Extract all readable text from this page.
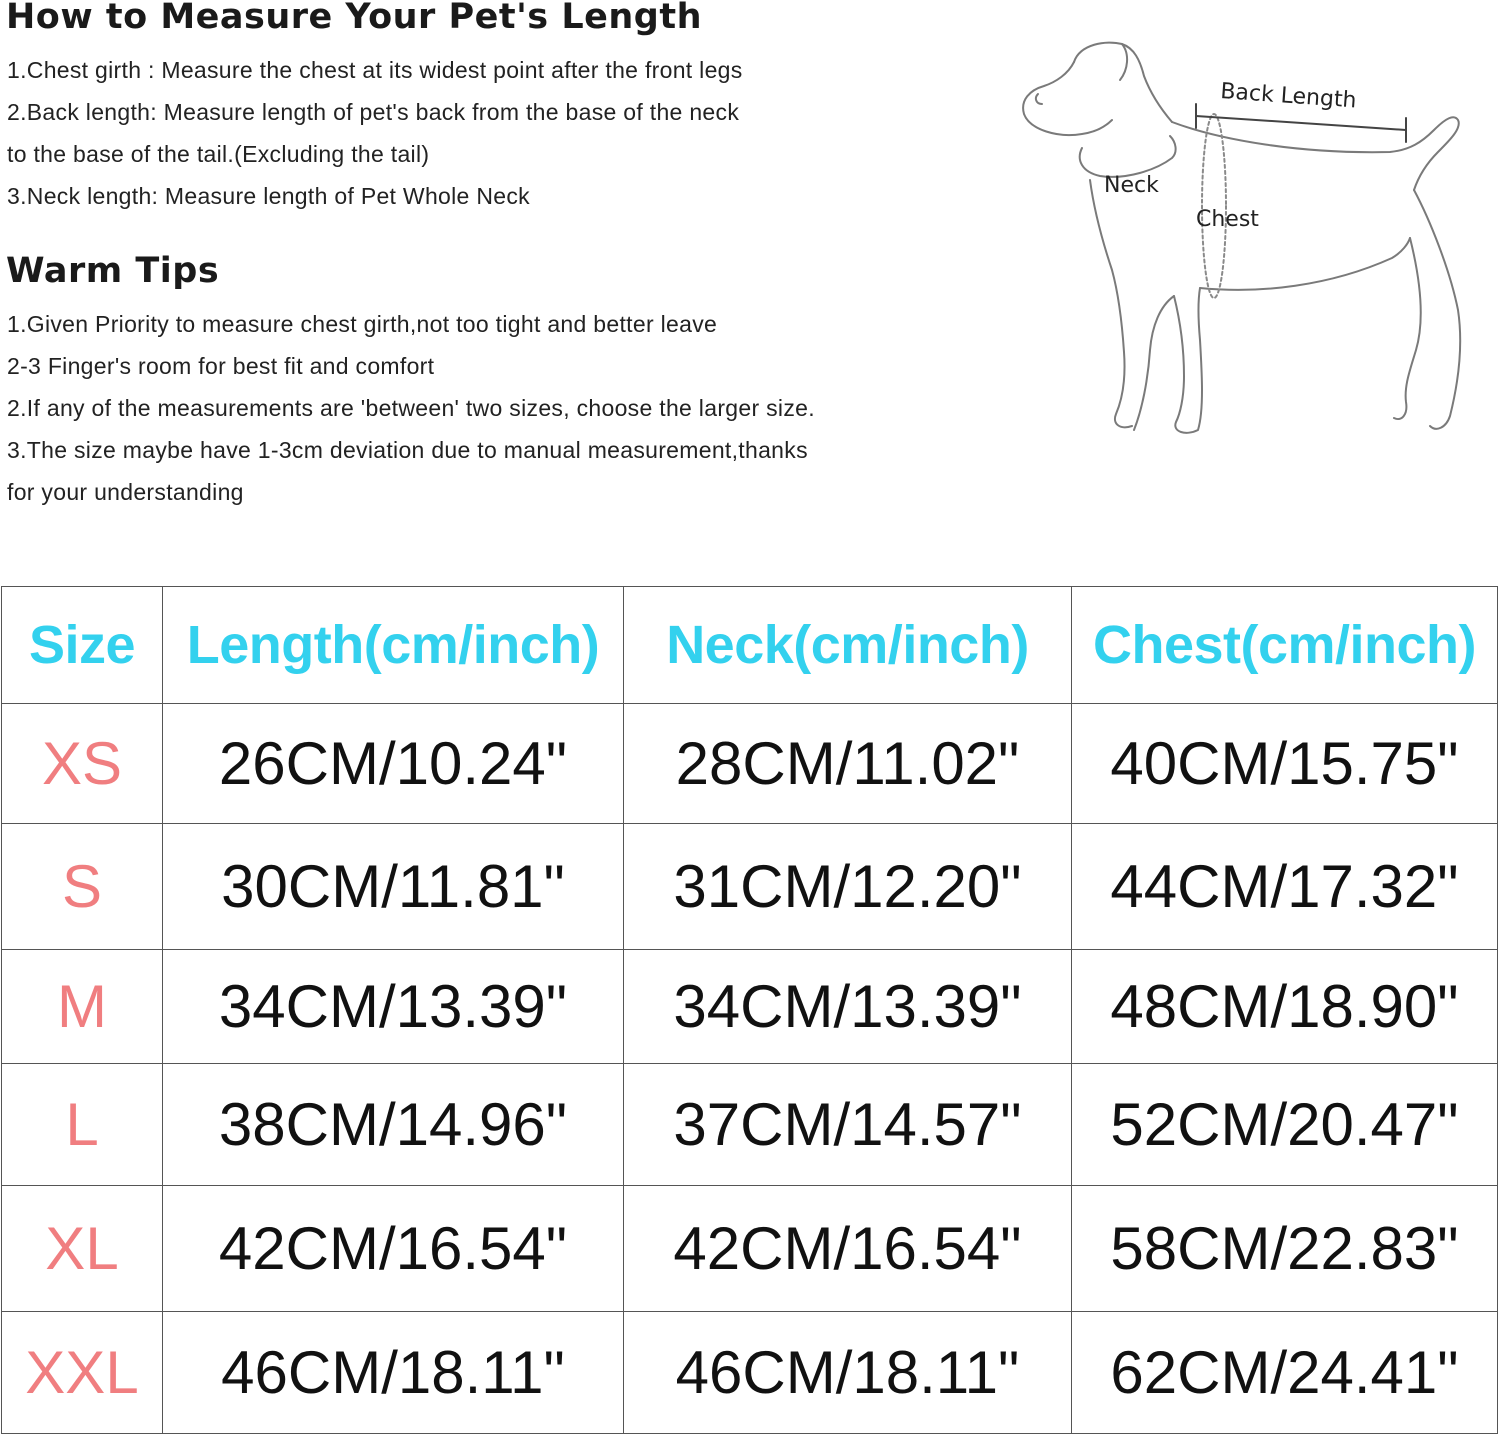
How to Measure Your Pet's Length
1.Chest girth : Measure the chest at its widest point after the front legs
2.Back length: Measure length of pet's back from the base of the neck
to the base of the tail.(Excluding the tail)
3.Neck length: Measure length of Pet Whole Neck
Warm Tips
1.Given Priority to measure chest girth,not too tight and better leave
2-3 Finger's room for best fit and comfort
2.If any of the measurements are 'between' two sizes, choose the larger size.
3.The size maybe have 1-3cm deviation due to manual measurement,thanks
for your understanding
Back Length
Neck
Chest
Size	Length(cm/inch)	Neck(cm/inch)	Chest(cm/inch)
XS	26CM/10.24"	28CM/11.02"	40CM/15.75"
S	30CM/11.81"	31CM/12.20"	44CM/17.32"
M	34CM/13.39"	34CM/13.39"	48CM/18.90"
L	38CM/14.96"	37CM/14.57"	52CM/20.47"
XL	42CM/16.54"	42CM/16.54"	58CM/22.83"
XXL	46CM/18.11"	46CM/18.11"	62CM/24.41"
